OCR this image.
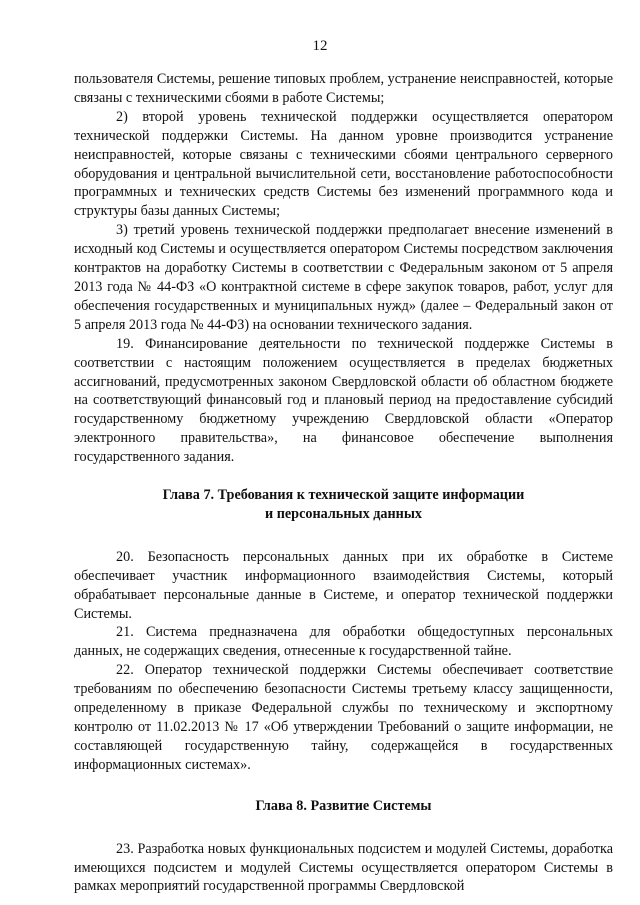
12

пользователя Системы, решение типовых проблем, устранение неисправностей, которые связаны с техническими сбоями в работе Системы;

2) второй уровень технической поддержки осуществляется оператором технической поддержки Системы. На данном уровне производится устранение неисправностей, которые связаны с техническими сбоями центрального серверного оборудования и центральной вычислительной сети, восстановление работоспособности программных и технических средств Системы без изменений программного кода и структуры базы данных Системы;

3) третий уровень технической поддержки предполагает внесение изменений в исходный код Системы и осуществляется оператором Системы посредством заключения контрактов на доработку Системы в соответствии с Федеральным законом от 5 апреля 2013 года № 44-ФЗ «О контрактной системе в сфере закупок товаров, работ, услуг для обеспечения государственных и муниципальных нужд» (далее – Федеральный закон от 5 апреля 2013 года № 44-ФЗ) на основании технического задания.

19. Финансирование деятельности по технической поддержке Системы в соответствии с настоящим положением осуществляется в пределах бюджетных ассигнований, предусмотренных законом Свердловской области об областном бюджете на соответствующий финансовый год и плановый период на предоставление субсидий государственному бюджетному учреждению Свердловской области «Оператор электронного правительства», на финансовое обеспечение выполнения государственного задания.

Глава 7. Требования к технической защите информации
и персональных данных

20. Безопасность персональных данных при их обработке в Системе обеспечивает участник информационного взаимодействия Системы, который обрабатывает персональные данные в Системе, и оператор технической поддержки Системы.

21. Система предназначена для обработки общедоступных персональных данных, не содержащих сведения, отнесенные к государственной тайне.

22. Оператор технической поддержки Системы обеспечивает соответствие требованиям по обеспечению безопасности Системы третьему классу защищенности, определенному в приказе Федеральной службы по техническому и экспортному контролю от 11.02.2013 № 17 «Об утверждении Требований о защите информации, не составляющей государственную тайну, содержащейся в государственных информационных системах».

Глава 8. Развитие Системы

23. Разработка новых функциональных подсистем и модулей Системы, доработка имеющихся подсистем и модулей Системы осуществляется оператором Системы в рамках мероприятий государственной программы Свердловской
